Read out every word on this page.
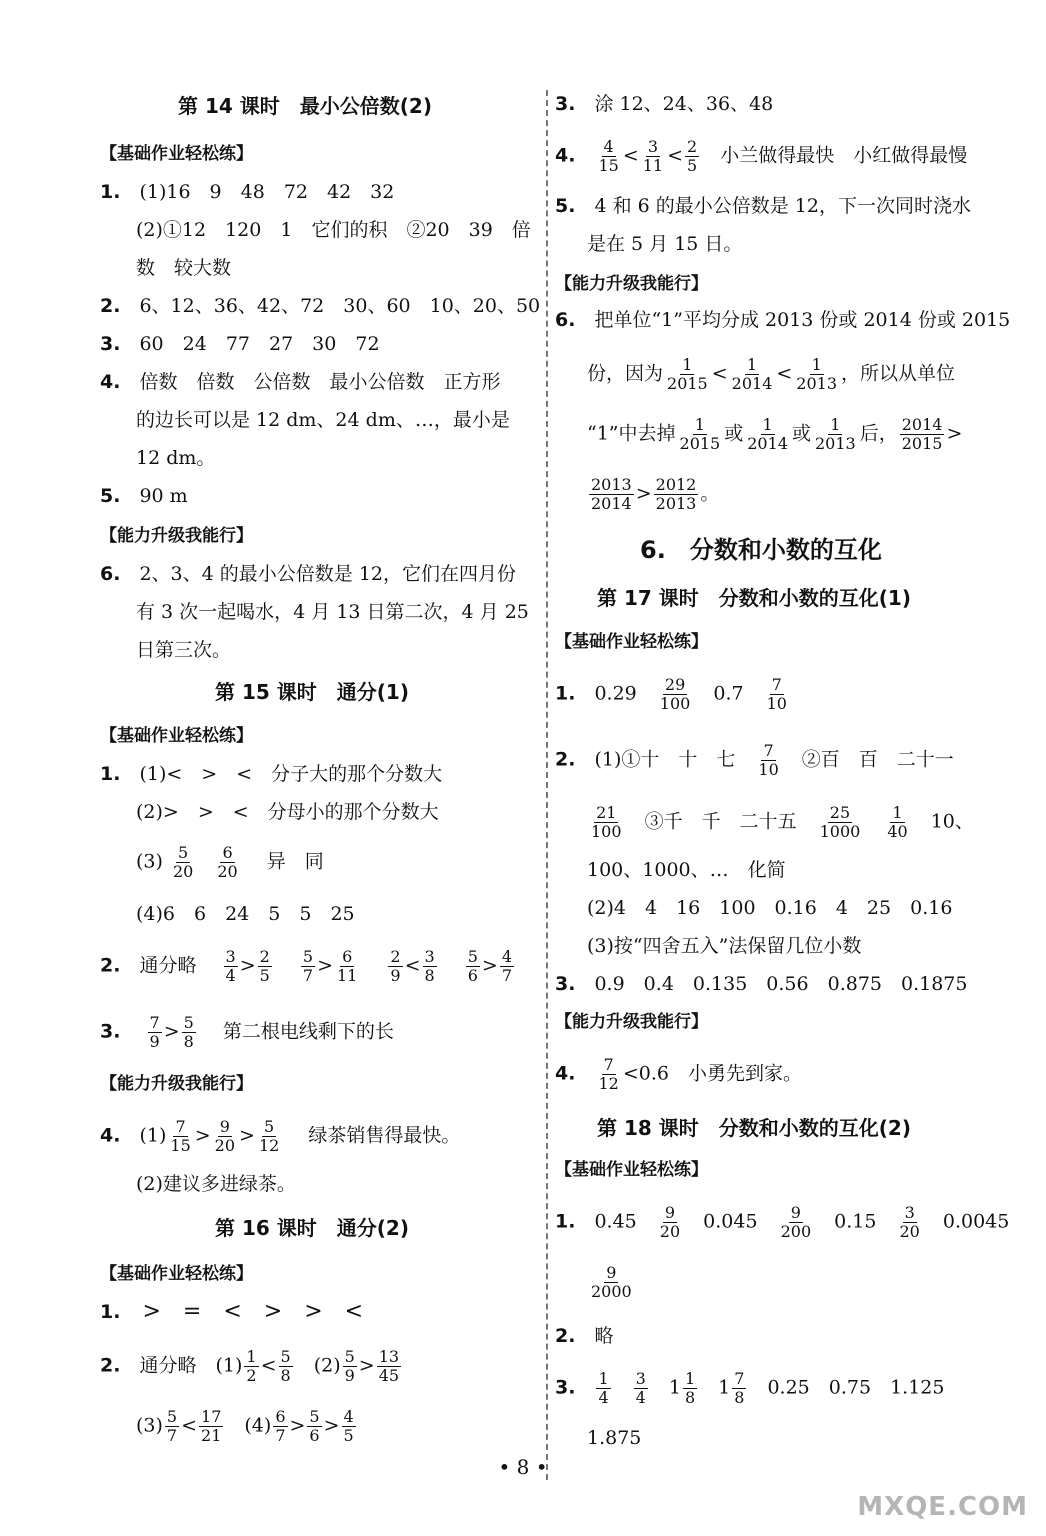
第 14 课时　最小公倍数(2)
【基础作业轻松练】
1.　 (1)16　9　48　72　42　32
(2)①12　120　1　它们的积　②20　39　倍
数　较大数
2.　 6、12、36、42、72　30、60　10、20、50
3.　 60　24　77　27　30　72
4.　 倍数　倍数　公倍数　最小公倍数　正方形
的边长可以是 12 dm、24 dm、…，最小是
12 dm。
5.　 90 m
【能力升级我能行】
6.　 2、3、4 的最小公倍数是 12，它们在四月份
有 3 次一起喝水，4 月 13 日第二次，4 月 25
日第三次。
第 15 课时　通分(1)
【基础作业轻松练】
1.　 (1)<　>　<　分子大的那个分数大
(2)>　>　<　分母小的那个分数大
$(3) \frac{5}{20}$
$\frac{6}{20}$
　 异　同
(4)6　6　24　5　5　25
2.　 通分略　 $\frac{3}{4} > \frac{2}{5}$
　 $\frac{5}{7} > \frac{6}{11}$
　 $\frac{2}{9} < \frac{3}{8}$
　 $\frac{5}{6} > \frac{4}{7}$
3.　 $\frac{7}{9} > \frac{5}{8}$
　 第二根电线剩下的长
【能力升级我能行】
4.　 $(1) \frac{7}{15} > \frac{9}{20} > \frac{5}{12}$
　 绿茶销售得最快。
(2)建议多进绿茶。
第 16 课时　通分(2)
【基础作业轻松练】
1.　 >　=　<　>　>　<
2.　 通分略　$(1) \frac{1}{2} < \frac{5}{8}$ 　$(2) \frac{5}{9} > \frac{13}{45}$
$(3) \frac{5}{7} < \frac{17}{21}$ 　$(4) \frac{6}{7} > \frac{5}{6} > \frac{4}{5}$
3.　 涂 12、24、36、48
4.　 $\frac{4}{15} < \frac{3}{11} < \frac{2}{5}$
　 小兰做得最快　小红做得最慢
5.　 4 和 6 的最小公倍数是 12，下一次同时浇水
是在 5 月 15 日。
【能力升级我能行】
6.　 把单位“1”平均分成 2013 份或 2014 份或 2015
份，因为 $\frac{1}{2015} < \frac{1}{2014} < \frac{1}{2013}$ ，所以从单位
“1”中去掉 $\frac{1}{2015}$ 或 $\frac{1}{2014}$ 或 $\frac{1}{2013}$ 后， $\frac{2014}{2015}$ >
$\frac{2013}{2014} > \frac{2012}{2013}$ 。
6.　分数和小数的互化
第 17 课时　分数和小数的互化(1)
【基础作业轻松练】
1.　 0.29　 $\frac{29}{100}$
　 0.7　 $\frac{7}{10}$
2.　 (1)①十　十　七　 $\frac{7}{10}$
　 ②百　百　二十一
$\frac{21}{100}$
　 ③千　千　二十五　 $\frac{25}{1000}$
　 $\frac{1}{40}$
　 10、
100、1000、…　化简
(2)4　4　16　100　0.16　4　25　0.16
(3)按“四舍五入”法保留几位小数
3.　 0.9　0.4　0.135　0.56　0.875　0.1875
【能力升级我能行】
4.　 $\frac{7}{12} <0.6$　小勇先到家。
第 18 课时　分数和小数的互化(2)
【基础作业轻松练】
1.　 0.45　 $\frac{9}{20}$
　 0.045　 $\frac{9}{200}$
　 0.15　 $\frac{3}{20}$
　 0.0045
$\frac{9}{2000}$
2.　 略
3.　 $\frac{1}{4}$
　 $\frac{3}{4}$
　 $1 \frac{1}{8}$
　 $1 \frac{7}{8}$
　 0.25　0.75　1.125
1.875
• 8 •
MXQE.COM
